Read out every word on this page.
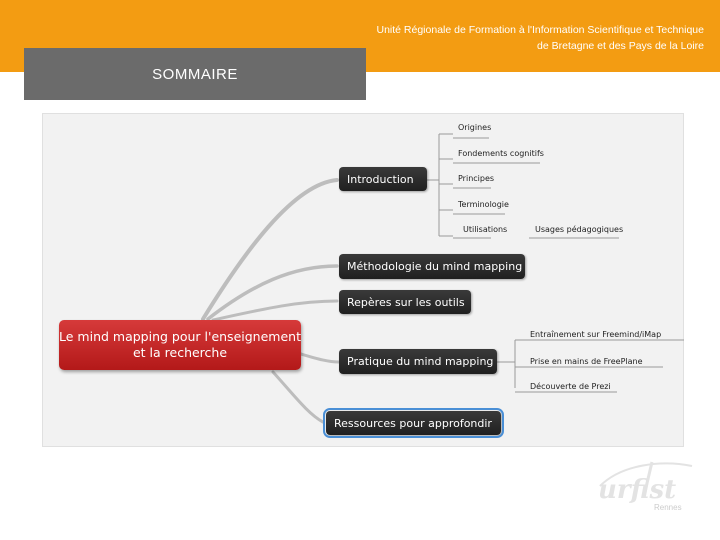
Unité Régionale de Formation à l'Information Scientifique et Technique
de Bretagne et des Pays de la Loire
SOMMAIRE
Introduction
Méthodologie du mind mapping
Repères sur les outils
Pratique du mind mapping
Ressources pour approfondir
Le mind mapping pour l'enseignement et la recherche
Origines
Fondements cognitifs
Principes
Terminologie
Utilisations	Usages pédagogiques
Entraînement sur Freemind/iMap
Prise en mains de FreePlane
Découverte de Prezi
urfist
Rennes
